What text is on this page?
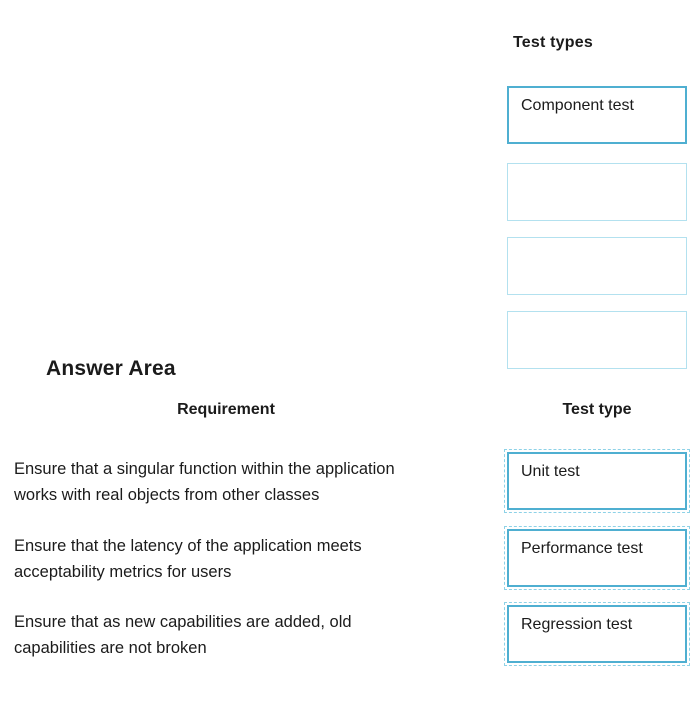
Test types
Component test
Answer Area
Requirement	Test type
Ensure that a singular function within the application
works with real objects from other classes
Unit test
Ensure that the latency of the application meets
acceptability metrics for users
Performance test
Ensure that as new capabilities are added, old
capabilities are not broken
Regression test
